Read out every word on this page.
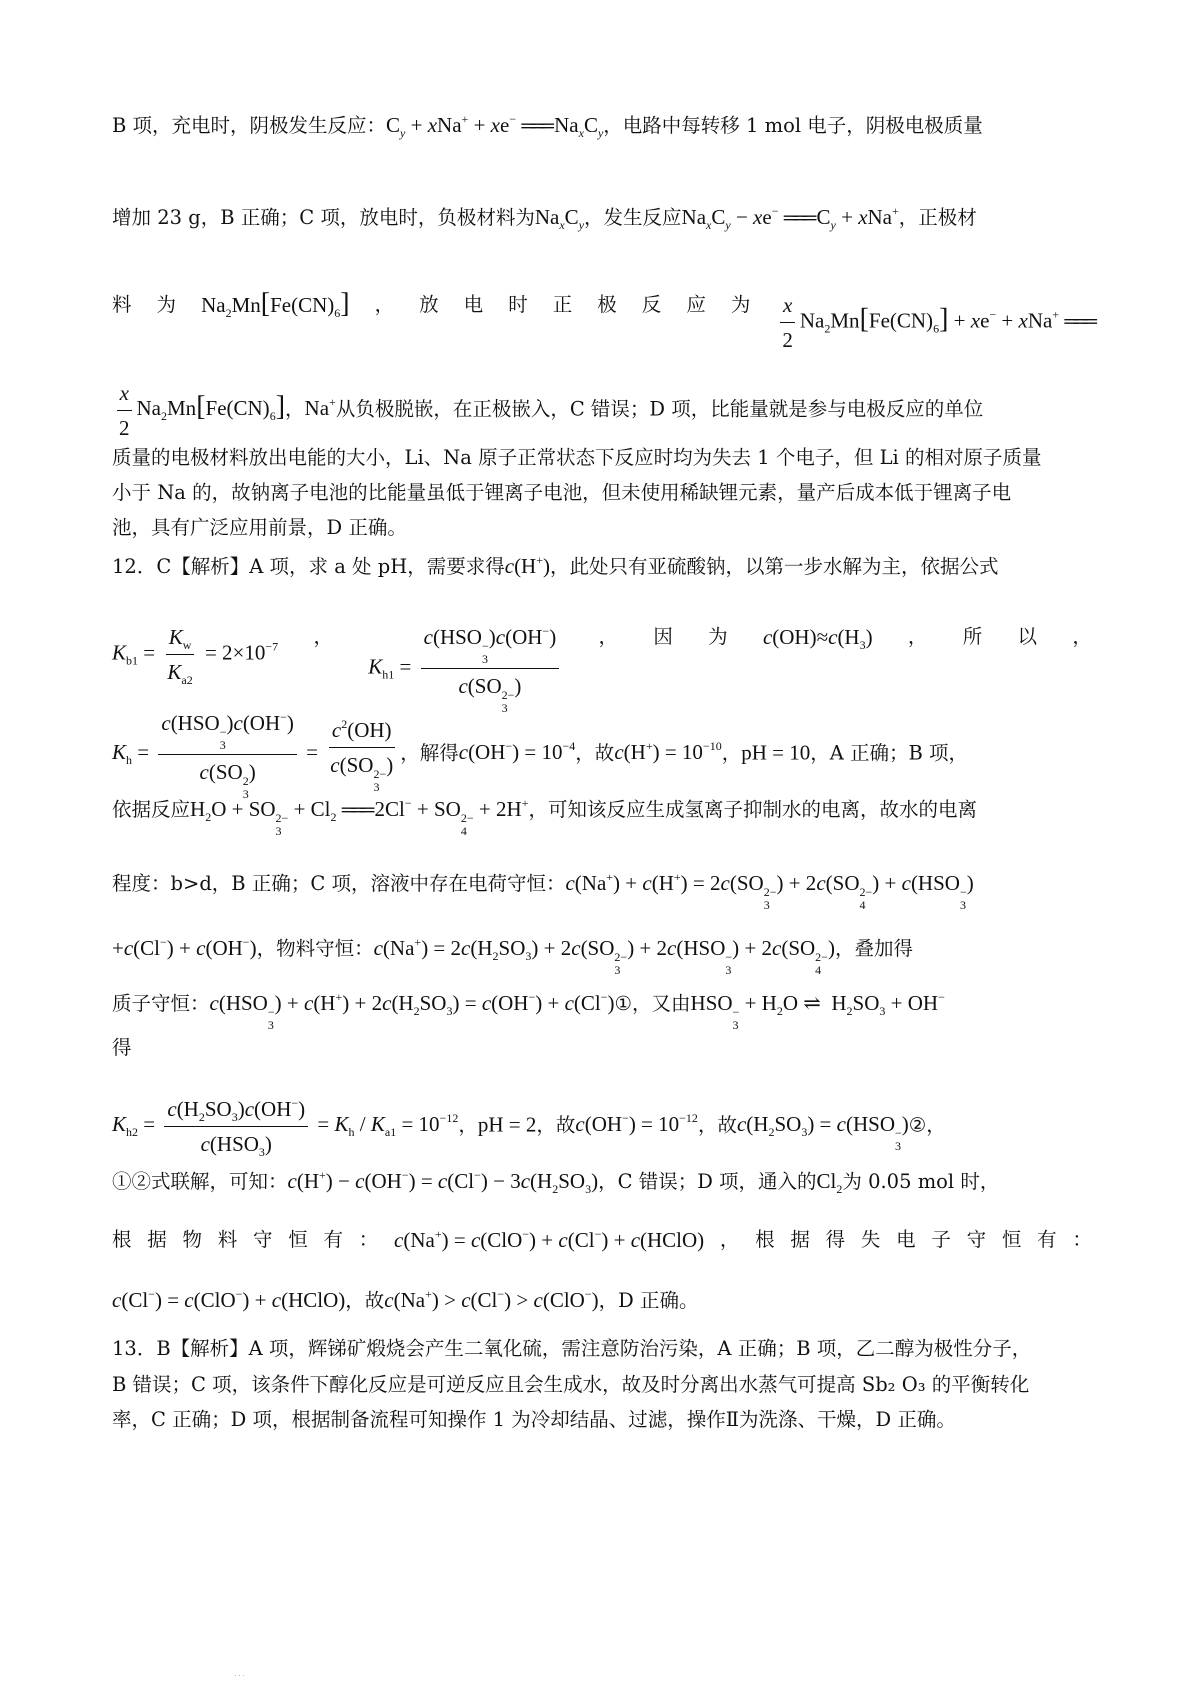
B 项，充电时，阴极发生反应：$C_y + xNa^+ + xe^-$ ═══ $Na_xC_y$，电路中每转移 1 mol 电子，阴极电极质量
增加 23 g，B 正确；C 项，放电时，负极材料为$Na_xC_y$，发生反应$Na_xC_y - xe^-$ ═══ $C_y + xNa^+$，正极材
料 为 $Na_2Mn[Fe(CN)_6]$ ， 放 电 时 正 极 反 应 为 $\frac{x}{2} Na_2Mn[Fe(CN)_6] + xe^- + xNa^+$ ═══
$\frac{x}{2} Na_2Mn[Fe(CN)_6]$，Na+从负极脱嵌，在正极嵌入，C 错误；D 项，比能量就是参与电极反应的单位
质量的电极材料放出电能的大小，Li、Na 原子正常状态下反应时均为失去 1 个电子，但 Li 的相对原子质量
小于 Na 的，故钠离子电池的比能量虽低于锂离子电池，但未使用稀缺锂元素，量产后成本低于锂离子电
池，具有广泛应用前景，D 正确。
12．C【解析】A 项，求 a 处 pH，需要求得c(H+)，此处只有亚硫酸钠，以第一步水解为主，依据公式
$K_{b1} = \frac{K_w}{K_{a2}} = 2\times 10^{-7}$ ，
$K_{h1} = c(HSO$ −
3
)c(OH−)
c(SO 2−
3
) ， 因 为 $c(OH)\approx c(H_3)$ ， 所 以 ，
$K_h = c(HSO$ −
3
)c(OH−)
c(SO 2
3
) = $c^2(OH)$
c(SO 2−
3
) ，解得$c(OH^-) = 10^{-4}$，故$c(H^+) = 10^{-10}$，pH = 10，A 正确；B 项，
依据反应$H_2O$ + SO 2−
3
+ $Cl_2$ ═══ 2Cl− + SO 2−
4
+ 2H+，可知该反应生成氢离子抑制水的电离，故水的电离
程度：b>d，B 正确；C 项，溶液中存在电荷守恒：c(Na+) + c(H+) = 2c(SO 2−
3
) + 2c(SO 2−
4
) + c(HSO −
3
)
+c(Cl−) + c(OH−)，物料守恒：$c(Na^+) = 2c(H_2SO_3) + 2c(SO$ 2−
3
) + 2c(HSO −
3
) + 2c(SO 2−
4
)，叠加得
质子守恒：c(HSO −
3
) + $c(H^+) + 2c(H_2SO_3) = c(OH^-)$ + c(Cl−)①，又由HSO −
3
+ $H_2O$ ⇌  $H_2SO_3 + OH^-$
得
$K_{h2} = \frac{c(H_2SO_3)c(OH^-)}{c(HSO_3)} = K_h / K_{a1} = 10^{-12}$，pH = 2，故$c(OH^-) = 10^{-12}$，故$c(H_2SO_3) = c(HSO$ −
3
)②，
①②式联解，可知：$c(H^+) - c(OH^-) = c(Cl^-) - 3c(H_2SO_3)$，C 错误；D 项，通入的$Cl_2$为 0.05 mol 时，
根 据 物 料 守 恒 有 ： c(Na+) = c(ClO−) + c(Cl−) + c(HClO) ， 根 据 得 失 电 子 守 恒 有 ：
c(Cl−) = c(ClO−) + c(HClO)，故c(Na+) > c(Cl−) > c(ClO−)，D 正确。
13．B【解析】A 项，辉锑矿煅烧会产生二氧化硫，需注意防治污染，A 正确；B 项，乙二醇为极性分子，
B 错误；C 项，该条件下醇化反应是可逆反应且会生成水，故及时分离出水蒸气可提高 Sb₂ O₃ 的平衡转化
率，C 正确；D 项，根据制备流程可知操作 1 为冷却结晶、过滤，操作Ⅱ为洗涤、干燥，D 正确。
